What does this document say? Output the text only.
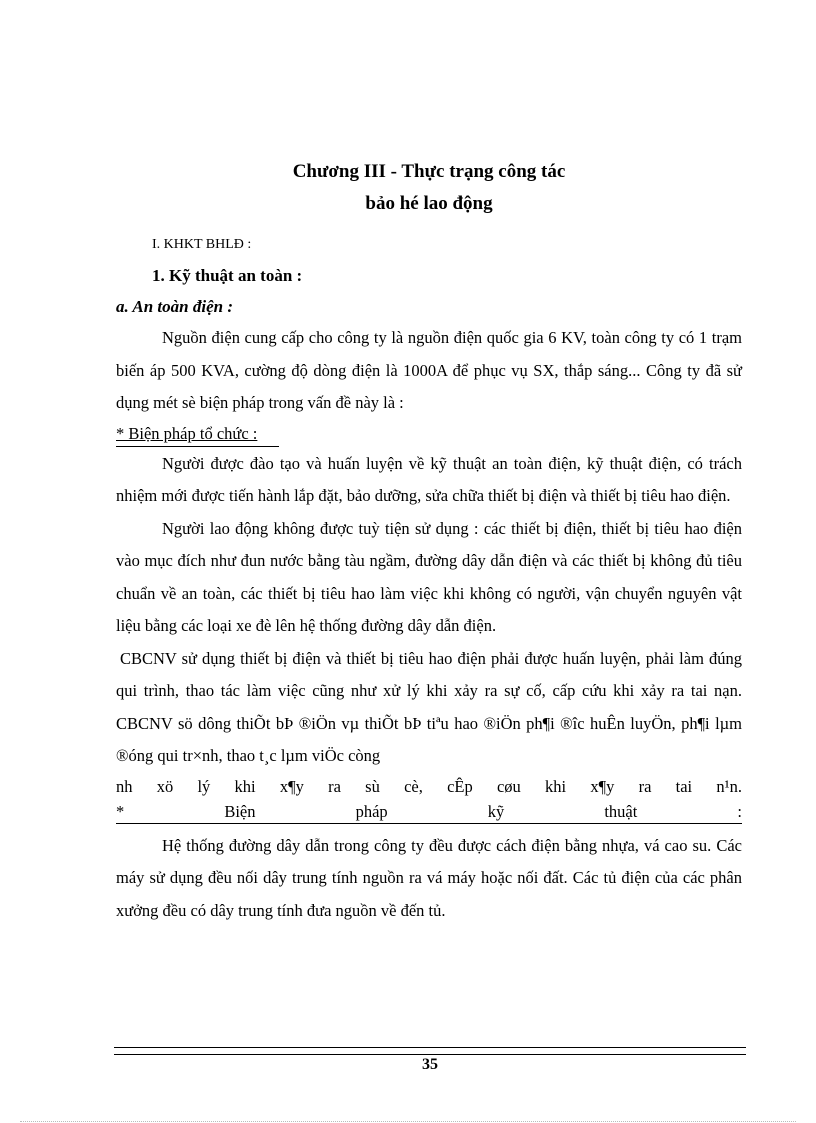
Chương III - Thực trạng công tác

bảo hé lao động

I. KHKT BHLĐ :

1. Kỹ thuật an toàn :

a. An toàn điện :

Nguồn điện cung cấp cho công ty là nguồn điện quốc gia 6 KV, toàn công ty có 1 trạm biến áp 500 KVA, cường độ dòng điện là 1000A để phục vụ SX, thắp sáng... Công ty đã sử dụng mét sè biện pháp trong vấn đề này là :

* Biện pháp tổ chức :

Người được đào tạo và huấn luyện về kỹ thuật an toàn điện, kỹ thuật điện, có trách nhiệm mới được tiến hành lắp đặt, bảo dưỡng, sửa chữa thiết bị điện và thiết bị tiêu hao điện.

Người lao động không được tuỳ tiện sử dụng : các thiết bị điện, thiết bị tiêu hao điện vào mục đích như đun nước bằng tàu ngầm, đường dây dẫn điện và các thiết bị không đủ tiêu chuẩn về an toàn, các thiết bị tiêu hao làm việc khi không có người, vận chuyển nguyên vật liệu bằng các loại xe đè lên hệ thống đường dây dẫn điện.

CBCNV sử dụng thiết bị điện và thiết bị tiêu hao điện phải được huấn luyện, phải làm đúng qui trình, thao tác làm việc cũng như xử lý khi xảy ra sự cố, cấp cứu khi xảy ra tai nạn. CBCNV sö dông thiÕt bÞ ®iÖn vµ thiÕt bÞ tiªu hao ®iÖn ph¶i ®îc huÊn luyÖn, ph¶i lµm ®óng qui tr×nh, thao t¸c lµm viÖc còng

nh xö lý khi x¶y ra sù cè, cÊp cøu khi x¶y ra tai n¹n.
*	Biện	pháp	kỹ	thuật	:

Hệ thống đường dây dẫn trong công ty đều được cách điện bằng nhựa, vá cao su. Các máy sử dụng đều nối dây trung tính nguồn ra vá máy hoặc nối đất. Các tủ điện của các phân xưởng đều có dây trung tính đưa nguồn về đến tủ.

35
